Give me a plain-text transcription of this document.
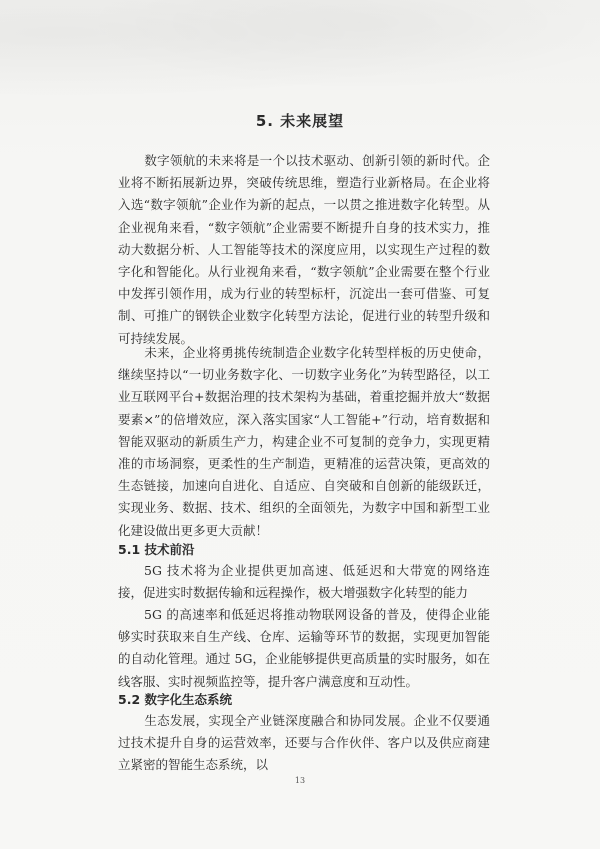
5. 未来展望

数字领航的未来将是一个以技术驱动、创新引领的新时代。企业将不断拓展新边界，突破传统思维，塑造行业新格局。在企业将入选“数字领航”企业作为新的起点，一以贯之推进数字化转型。从企业视角来看，“数字领航”企业需要不断提升自身的技术实力，推动大数据分析、人工智能等技术的深度应用，以实现生产过程的数字化和智能化。从行业视角来看，“数字领航”企业需要在整个行业中发挥引领作用，成为行业的转型标杆，沉淀出一套可借鉴、可复制、可推广的钢铁企业数字化转型方法论，促进行业的转型升级和可持续发展。

未来，企业将勇挑传统制造企业数字化转型样板的历史使命，继续坚持以“一切业务数字化、一切数字业务化”为转型路径，以工业互联网平台+数据治理的技术架构为基础，着重挖掘并放大“数据要素×”的倍增效应，深入落实国家“人工智能+”行动，培育数据和智能双驱动的新质生产力，构建企业不可复制的竞争力，实现更精准的市场洞察，更柔性的生产制造，更精准的运营决策，更高效的生态链接，加速向自进化、自适应、自突破和自创新的能级跃迁，实现业务、数据、技术、组织的全面领先，为数字中国和新型工业化建设做出更多更大贡献！

5.1 技术前沿

5G 技术将为企业提供更加高速、低延迟和大带宽的网络连接，促进实时数据传输和远程操作，极大增强数字化转型的能力

5G 的高速率和低延迟将推动物联网设备的普及，使得企业能够实时获取来自生产线、仓库、运输等环节的数据，实现更加智能的自动化管理。通过 5G，企业能够提供更高质量的实时服务，如在线客服、实时视频监控等，提升客户满意度和互动性。

5.2 数字化生态系统

生态发展，实现全产业链深度融合和协同发展。企业不仅要通过技术提升自身的运营效率，还要与合作伙伴、客户以及供应商建立紧密的智能生态系统，以

13
